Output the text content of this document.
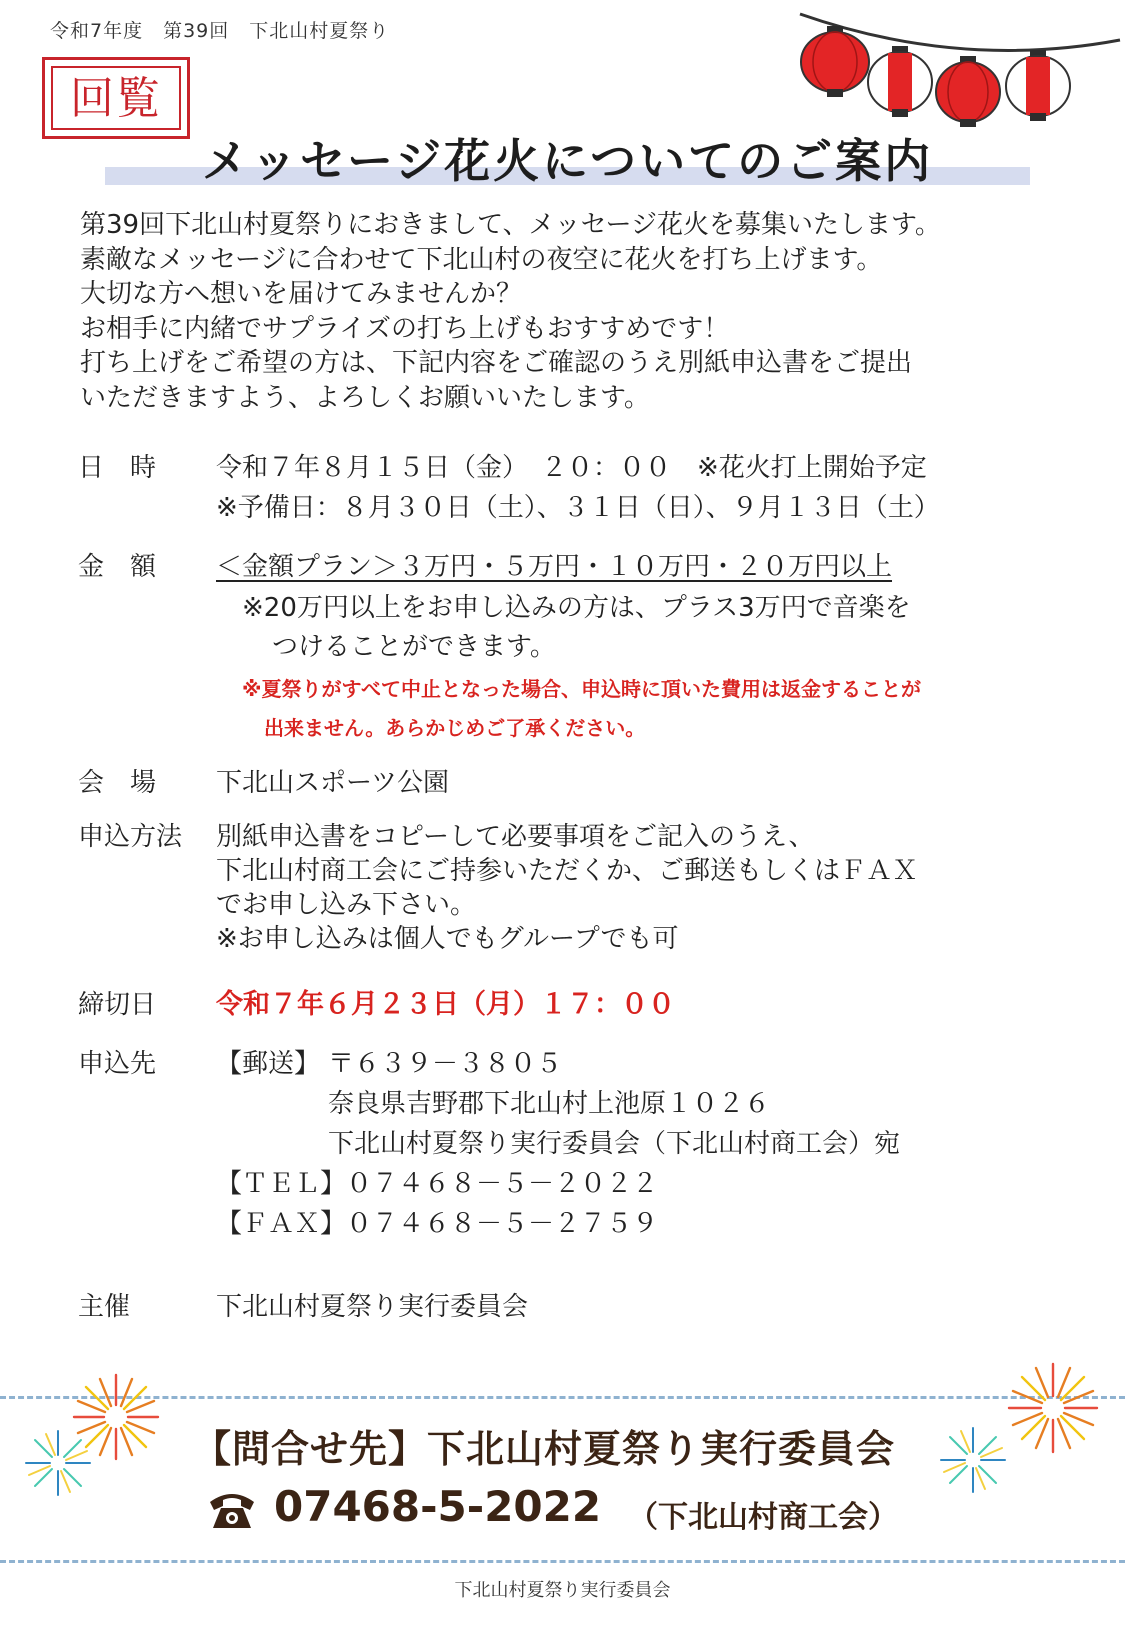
令和7年度　第39回　下北山村夏祭り
回覧
メッセージ花火についてのご案内
第39回下北山村夏祭りにおきまして、メッセージ花火を募集いたします。
素敵なメッセージに合わせて下北山村の夜空に花火を打ち上げます。
大切な方へ想いを届けてみませんか？
お相手に内緒でサプライズの打ち上げもおすすめです！
打ち上げをご希望の方は、下記内容をご確認のうえ別紙申込書をご提出
いただきますよう、よろしくお願いいたします。
日　時 令和７年８月１５日（金）　２０：００　※花火打上開始予定
※予備日：８月３０日（土）、３１日（日）、９月１３日（土）
金　額 ＜金額プラン＞３万円・５万円・１０万円・２０万円以上
※20万円以上をお申し込みの方は、プラス3万円で音楽を
つけることができます。
※夏祭りがすべて中止となった場合、申込時に頂いた費用は返金することが
出来ません。あらかじめご了承ください。
会　場 下北山スポーツ公園
申込方法 別紙申込書をコピーして必要事項をご記入のうえ、
下北山村商工会にご持参いただくか、ご郵送もしくはＦＡＸ
でお申し込み下さい。
※お申し込みは個人でもグループでも可
締切日 令和７年６月２３日（月）１７：００
申込先 【郵送】 〒６３９－３８０５
奈良県吉野郡下北山村上池原１０２６
下北山村夏祭り実行委員会（下北山村商工会）宛
【ＴＥＬ】０７４６８－５－２０２２
【ＦＡＸ】０７４６８－５－２７５９
主催	下北山村夏祭り実行委員会
【問合せ先】下北山村夏祭り実行委員会
07468-5-2022 （下北山村商工会）
下北山村夏祭り実行委員会
